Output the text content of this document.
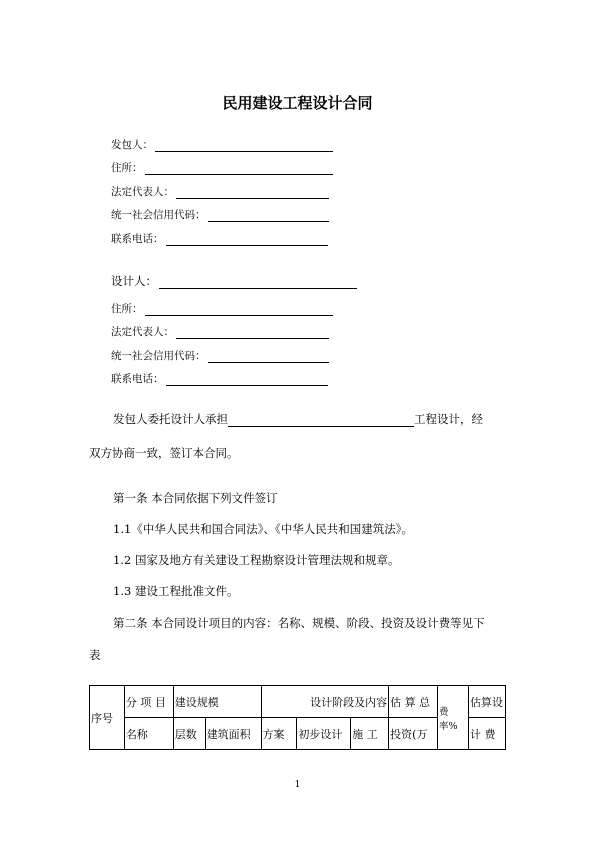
民用建设工程设计合同
发包人：
住所：
法定代表人：
统一社会信用代码：
联系电话：
设计人：
住所：
法定代表人：
统一社会信用代码：
联系电话：
发包人委托设计人承担	工程设计，经
双方协商一致，签订本合同。
第一条 本合同依据下列文件签订
1.1《中华人民共和国合同法》、《中华人民共和国建筑法》。
1.2 国家及地方有关建设工程勘察设计管理法规和规章。
1.3 建设工程批准文件。
第二条 本合同设计项目的内容：名称、规模、阶段、投资及设计费等见下
表
序号	分 项 目	建设规模		设计阶段及内容			估 算 总	费率%	估算设
	名称	层数	建筑面积	方案	初步设计	施 工	投资(万		计 费
1
